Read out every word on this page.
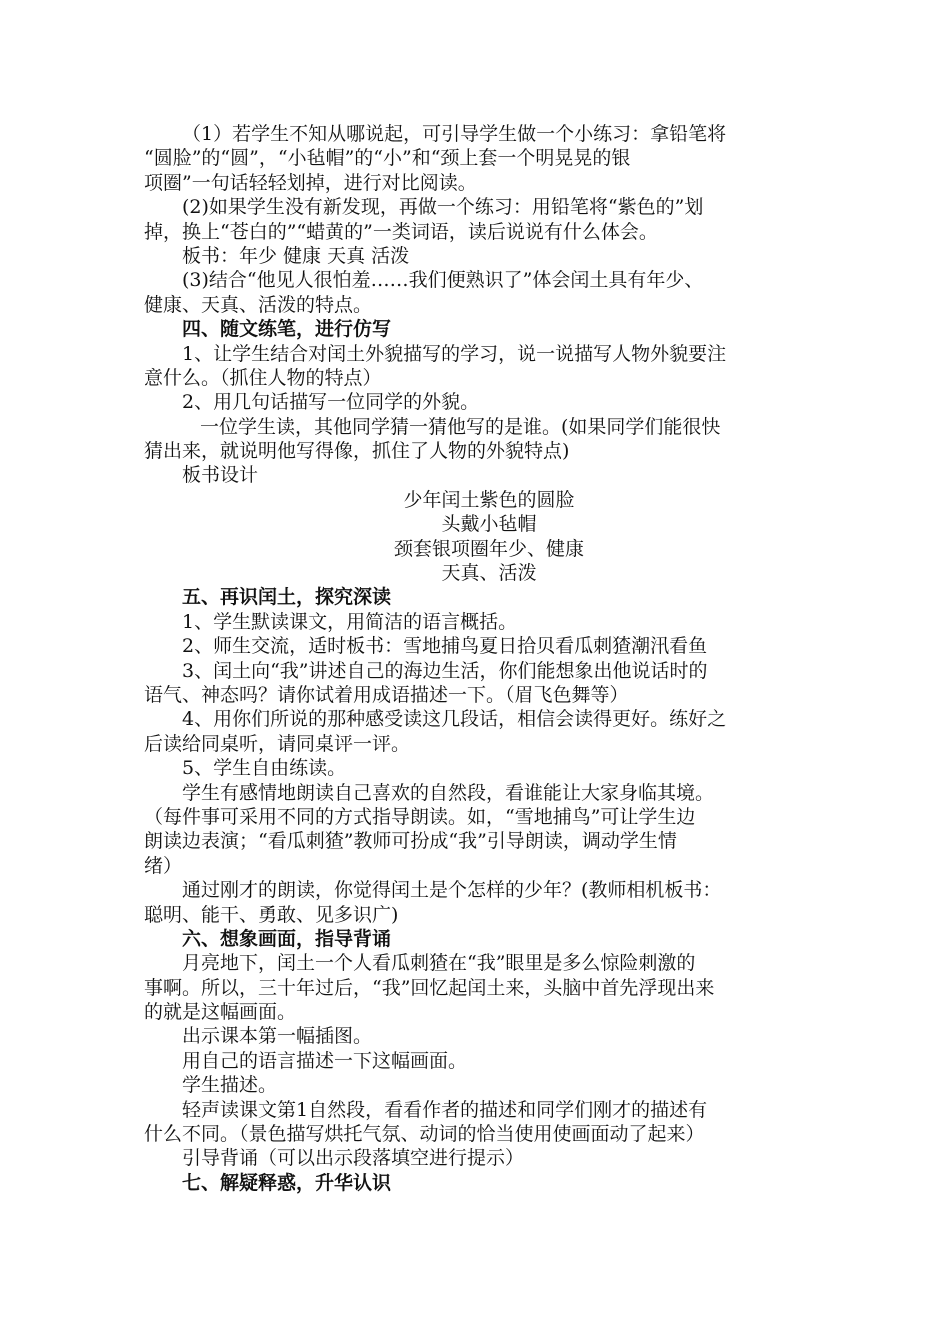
（1）若学生不知从哪说起，可引导学生做一个小练习：拿铅笔将
“圆脸”的“圆”，“小毡帽”的“小”和“颈上套一个明晃晃的银
项圈”一句话轻轻划掉，进行对比阅读。
(2)如果学生没有新发现，再做一个练习：用铅笔将“紫色的”划
掉，换上“苍白的”“蜡黄的”一类词语，读后说说有什么体会。
板书：年少 健康 天真 活泼
(3)结合“他见人很怕羞……我们便熟识了”体会闰土具有年少、
健康、天真、活泼的特点。
四、随文练笔，进行仿写
1、让学生结合对闰土外貌描写的学习，说一说描写人物外貌要注
意什么。（抓住人物的特点）
2、用几句话描写一位同学的外貌。
一位学生读，其他同学猜一猜他写的是谁。(如果同学们能很快
猜出来，就说明他写得像，抓住了人物的外貌特点)
板书设计
少年闰土紫色的圆脸
头戴小毡帽
颈套银项圈年少、健康
天真、活泼
五、再识闰土，探究深读
1、学生默读课文，用简洁的语言概括。
2、师生交流，适时板书：雪地捕鸟夏日拾贝看瓜刺猹潮汛看鱼
3、闰土向“我”讲述自己的海边生活，你们能想象出他说话时的
语气、神态吗？请你试着用成语描述一下。（眉飞色舞等）
4、用你们所说的那种感受读这几段话，相信会读得更好。练好之
后读给同桌听，请同桌评一评。
5、学生自由练读。
学生有感情地朗读自己喜欢的自然段，看谁能让大家身临其境。
（每件事可采用不同的方式指导朗读。如，“雪地捕鸟”可让学生边
朗读边表演；“看瓜刺猹”教师可扮成“我”引导朗读，调动学生情
绪）
通过刚才的朗读，你觉得闰土是个怎样的少年？(教师相机板书：
聪明、能干、勇敢、见多识广)
六、想象画面，指导背诵
月亮地下，闰土一个人看瓜刺猹在“我”眼里是多么惊险刺激的
事啊。所以，三十年过后，“我”回忆起闰土来，头脑中首先浮现出来
的就是这幅画面。
出示课本第一幅插图。
用自己的语言描述一下这幅画面。
学生描述。
轻声读课文第1自然段，看看作者的描述和同学们刚才的描述有
什么不同。（景色描写烘托气氛、动词的恰当使用使画面动了起来）
引导背诵（可以出示段落填空进行提示）
七、解疑释惑，升华认识
